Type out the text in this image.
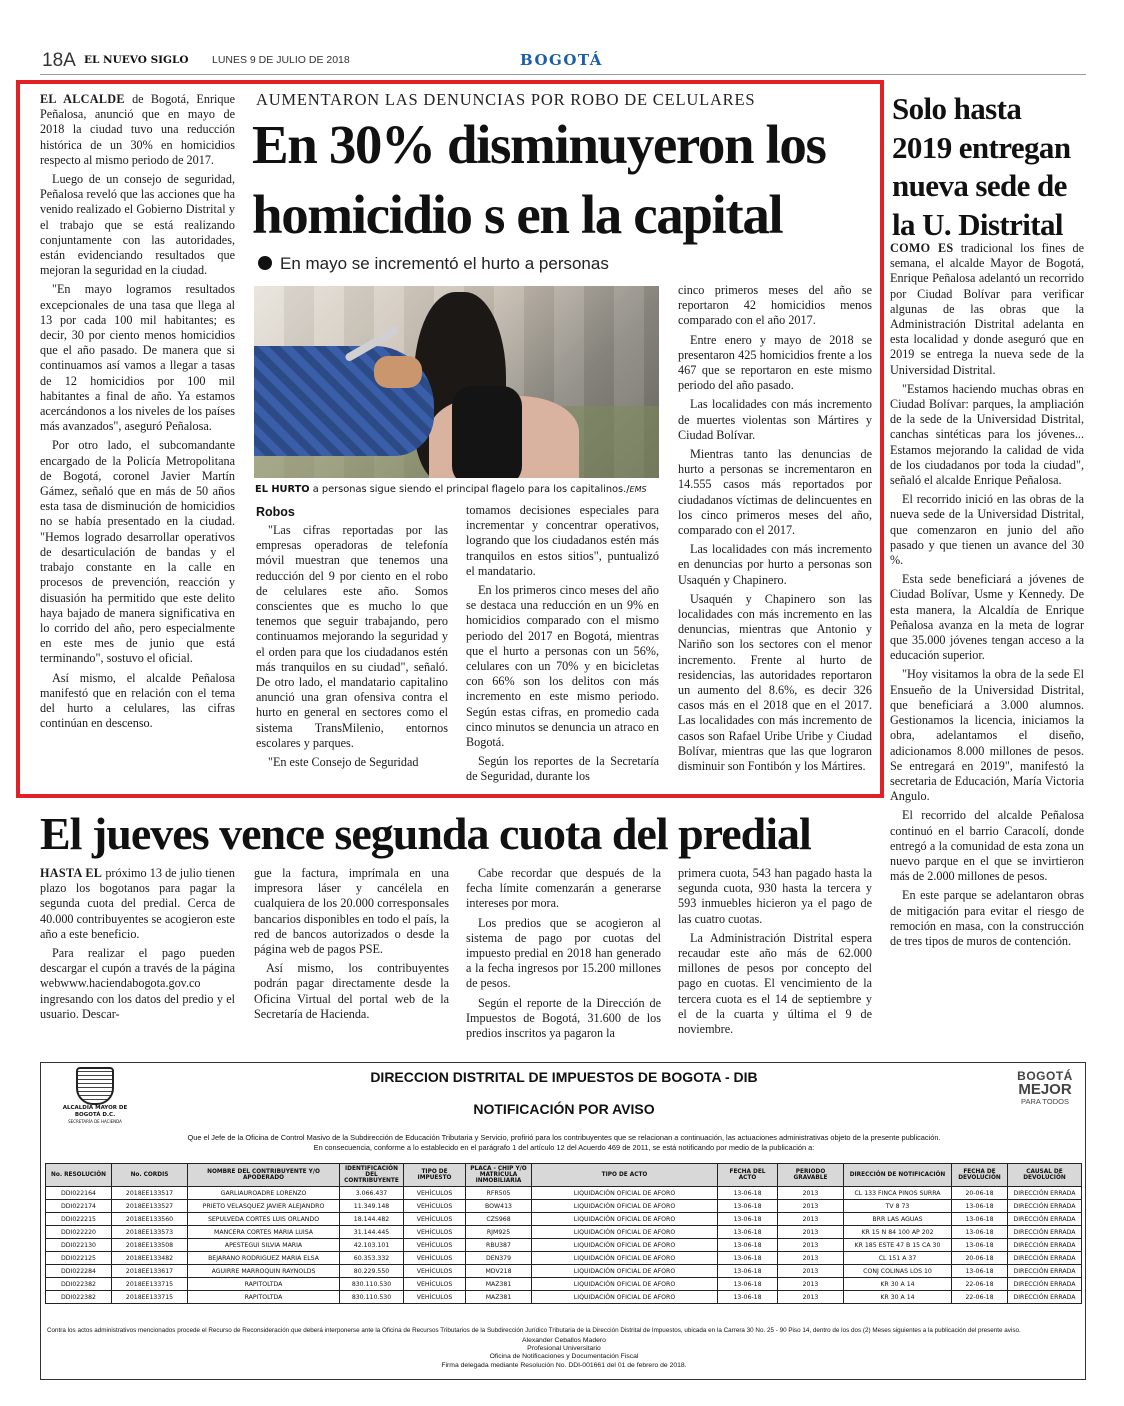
18A EL NUEVO SIGLO LUNES 9 DE JULIO DE 2018	BOGOTÁ
AUMENTARON LAS DENUNCIAS POR ROBO DE CELULARES
En 30% disminuyeron los
homicidio s en la capital
En mayo se incrementó el hurto a personas
EL HURTO a personas sigue siendo el principal flagelo para los capitalinos./EMS

EL ALCALDE de Bogotá, Enrique Peñalosa, anunció que en mayo de 2018 la ciudad tuvo una reducción histórica de un 30% en homicidios respecto al mismo periodo de 2017.

Luego de un consejo de seguridad, Peñalosa reveló que las acciones que ha venido realizado el Gobierno Distrital y el trabajo que se está realizando conjuntamente con las autoridades, están evidenciando resultados que mejoran la seguridad en la ciudad.

"En mayo logramos resultados excepcionales de una tasa que llega al 13 por cada 100 mil habitantes; es decir, 30 por ciento menos homicidios que el año pasado. De manera que si continuamos así vamos a llegar a tasas de 12 homicidios por 100 mil habitantes a final de año. Ya estamos acercándonos a los niveles de los países más avanzados", aseguró Peñalosa.

Por otro lado, el subcomandante encargado de la Policía Metropolitana de Bogotá, coronel Javier Martín Gámez, señaló que en más de 50 años esta tasa de disminución de homicidios no se había presentado en la ciudad. "Hemos logrado desarrollar operativos de desarticulación de bandas y el trabajo constante en la calle en procesos de prevención, reacción y disuasión ha permitido que este delito haya bajado de manera significativa en lo corrido del año, pero especialmente en este mes de junio que está terminando", sostuvo el oficial.

Así mismo, el alcalde Peñalosa manifestó que en relación con el tema del hurto a celulares, las cifras continúan en descenso.

Robos

"Las cifras reportadas por las empresas operadoras de telefonía móvil muestran que tenemos una reducción del 9 por ciento en el robo de celulares este año. Somos conscientes que es mucho lo que tenemos que seguir trabajando, pero continuamos mejorando la seguridad y el orden para que los ciudadanos estén más tranquilos en su ciudad", señaló. De otro lado, el mandatario capitalino anunció una gran ofensiva contra el hurto en general en sectores como el sistema TransMilenio, entornos escolares y parques.

"En este Consejo de Seguridad

tomamos decisiones especiales para incrementar y concentrar operativos, logrando que los ciudadanos estén más tranquilos en estos sitios", puntualizó el mandatario.

En los primeros cinco meses del año se destaca una reducción en un 9% en homicidios comparado con el mismo periodo del 2017 en Bogotá, mientras que el hurto a personas con un 56%, celulares con un 70% y en bicicletas con 66% son los delitos con más incremento en este mismo periodo. Según estas cifras, en promedio cada cinco minutos se denuncia un atraco en Bogotá.

Según los reportes de la Secretaría de Seguridad, durante los

cinco primeros meses del año se reportaron 42 homicidios menos comparado con el año 2017.

Entre enero y mayo de 2018 se presentaron 425 homicidios frente a los 467 que se reportaron en este mismo periodo del año pasado.

Las localidades con más incremento de muertes violentas son Mártires y Ciudad Bolívar.

Mientras tanto las denuncias de hurto a personas se incrementaron en 14.555 casos más reportados por ciudadanos víctimas de delincuentes en los cinco primeros meses del año, comparado con el 2017.

Las localidades con más incremento en denuncias por hurto a personas son Usaquén y Chapinero.

Usaquén y Chapinero son las localidades con más incremento en las denuncias, mientras que Antonio y Nariño son los sectores con el menor incremento. Frente al hurto de residencias, las autoridades reportaron un aumento del 8.6%, es decir 326 casos más en el 2018 que en el 2017. Las localidades con más incremento de casos son Rafael Uribe Uribe y Ciudad Bolívar, mientras que las que lograron disminuir son Fontibón y los Mártires.

Solo hasta
2019 entregan
nueva sede de
la U. Distrital

COMO ES tradicional los fines de semana, el alcalde Mayor de Bogotá, Enrique Peñalosa adelantó un recorrido por Ciudad Bolívar para verificar algunas de las obras que la Administración Distrital adelanta en esta localidad y donde aseguró que en 2019 se entrega la nueva sede de la Universidad Distrital.

"Estamos haciendo muchas obras en Ciudad Bolívar: parques, la ampliación de la sede de la Universidad Distrital, canchas sintéticas para los jóvenes... Estamos mejorando la calidad de vida de los ciudadanos por toda la ciudad", señaló el alcalde Enrique Peñalosa.

El recorrido inició en las obras de la nueva sede de la Universidad Distrital, que comenzaron en junio del año pasado y que tienen un avance del 30 %.

Esta sede beneficiará a jóvenes de Ciudad Bolívar, Usme y Kennedy. De esta manera, la Alcaldía de Enrique Peñalosa avanza en la meta de lograr que 35.000 jóvenes tengan acceso a la educación superior.

"Hoy visitamos la obra de la sede El Ensueño de la Universidad Distrital, que beneficiará a 3.000 alumnos. Gestionamos la licencia, iniciamos la obra, adelantamos el diseño, adicionamos 8.000 millones de pesos. Se entregará en 2019", manifestó la secretaria de Educación, María Victoria Angulo.

El recorrido del alcalde Peñalosa continuó en el barrio Caracolí, donde entregó a la comunidad de esta zona un nuevo parque en el que se invirtieron más de 2.000 millones de pesos.

En este parque se adelantaron obras de mitigación para evitar el riesgo de remoción en masa, con la construcción de tres tipos de muros de contención.

El jueves vence segunda cuota del predial

HASTA EL próximo 13 de julio tienen plazo los bogotanos para pagar la segunda cuota del predial. Cerca de 40.000 contribuyentes se acogieron este año a este beneficio.

Para realizar el pago pueden descargar el cupón a través de la página webwww.haciendabogota.gov.co ingresando con los datos del predio y el usuario. Descar-

gue la factura, imprímala en una impresora láser y cancélela en cualquiera de los 20.000 corresponsales bancarios disponibles en todo el país, la red de bancos autorizados o desde la página web de pagos PSE.

Así mismo, los contribuyentes podrán pagar directamente desde la Oficina Virtual del portal web de la Secretaría de Hacienda.

Cabe recordar que después de la fecha límite comenzarán a generarse intereses por mora.

Los predios que se acogieron al sistema de pago por cuotas del impuesto predial en 2018 han generado a la fecha ingresos por 15.200 millones de pesos.

Según el reporte de la Dirección de Impuestos de Bogotá, 31.600 de los predios inscritos ya pagaron la

primera cuota, 543 han pagado hasta la segunda cuota, 930 hasta la tercera y 593 inmuebles hicieron ya el pago de las cuatro cuotas.

La Administración Distrital espera recaudar este año más de 62.000 millones de pesos por concepto del pago en cuotas. El vencimiento de la tercera cuota es el 14 de septiembre y el de la cuarta y última el 9 de noviembre.

ALCALDÍA MAYOR DE BOGOTÁ D.C.
SECRETARÍA DE HACIENDA
DIRECCION DISTRITAL DE IMPUESTOS DE BOGOTA - DIB
NOTIFICACIÓN POR AVISO
BOGOTÁ
MEJOR
PARA TODOS
Que el Jefe de la Oficina de Control Masivo de la Subdirección de Educación Tributaria y Servicio, profirió para los contribuyentes que se relacionan a continuación, las actuaciones administrativas objeto de la presente publicación.
En consecuencia, conforme a lo establecido en el parágrafo 1 del artículo 12 del Acuerdo 469 de 2011, se está notificando por medio de la publicación a:
No. RESOLUCIÓN	No. CORDIS	NOMBRE DEL CONTRIBUYENTE Y/O APODERADO	IDENTIFICACIÓN DEL CONTRIBUYENTE	TIPO DE IMPUESTO	PLACA - CHIP Y/O MATRÍCULA INMOBILIARIA	TIPO DE ACTO	FECHA DEL ACTO	PERIODO GRAVABLE	DIRECCIÓN DE NOTIFICACIÓN	FECHA DE DEVOLUCIÓN	CAUSAL DE DEVOLUCIÓN
DDI022164	2018EE133517	GARLIAUROADRE LORENZO	3.066.437	VEHÍCULOS	RFR505	LIQUIDACIÓN OFICIAL DE AFORO	13-06-18	2013	CL 133 FINCA PINOS SURRA	20-06-18	DIRECCIÓN ERRADA
DDI022174	2018EE133527	PRIETO VELASQUEZ JAVIER ALEJANDRO	11.349.148	VEHÍCULOS	BOW413	LIQUIDACIÓN OFICIAL DE AFORO	13-06-18	2013	TV 8 73	13-06-18	DIRECCIÓN ERRADA
DDI022215	2018EE133560	SEPULVEDA CORTES LUIS ORLANDO	18.144.482	VEHÍCULOS	CZS968	LIQUIDACIÓN OFICIAL DE AFORO	13-06-18	2013	BRR LAS AGUAS	13-06-18	DIRECCIÓN ERRADA
DDI022220	2018EE133573	MANCERA CORTES MARIA LUISA	31.144.445	VEHÍCULOS	RJM925	LIQUIDACIÓN OFICIAL DE AFORO	13-06-18	2013	KR 15 N 84 100 AP 202	13-06-18	DIRECCIÓN ERRADA
DDI022130	2018EE133508	APESTEGUI SILVIA MARIA	42.103.101	VEHÍCULOS	RBU387	LIQUIDACIÓN OFICIAL DE AFORO	13-06-18	2013	KR 185 ESTE 47 B 15 CA 30	13-06-18	DIRECCIÓN ERRADA
DDI022125	2018EE133482	BEJARANO RODRIGUEZ MARIA ELSA	60.353.332	VEHÍCULOS	DEN379	LIQUIDACIÓN OFICIAL DE AFORO	13-06-18	2013	CL 151 A 37	20-06-18	DIRECCIÓN ERRADA
DDI022284	2018EE133617	AGUIRRE MARROQUIN RAYNOLDS	80.229.550	VEHÍCULOS	MDV218	LIQUIDACIÓN OFICIAL DE AFORO	13-06-18	2013	CONJ COLINAS LOS 10	13-06-18	DIRECCIÓN ERRADA
DDI022382	2018EE133715	RAPITOLTDA	830.110.530	VEHÍCULOS	MAZ381	LIQUIDACIÓN OFICIAL DE AFORO	13-06-18	2013	KR 30 A 14	22-06-18	DIRECCIÓN ERRADA
DDI022382	2018EE133715	RAPITOLTDA	830.110.530	VEHÍCULOS	MAZ381	LIQUIDACIÓN OFICIAL DE AFORO	13-06-18	2013	KR 30 A 14	22-06-18	DIRECCIÓN ERRADA
Contra los actos administrativos mencionados procede el Recurso de Reconsideración que deberá interponerse ante la Oficina de Recursos Tributarios de la Subdirección Jurídico Tributaria de la Dirección Distrital de Impuestos, ubicada en la Carrera 30 No. 25 - 90 Piso 14, dentro de los dos (2) Meses siguientes a la publicación del presente aviso.
Alexander Ceballos Madero
Profesional Universitario
Oficina de Notificaciones y Documentación Fiscal
Firma delegada mediante Resolución No. DDI-001661 del 01 de febrero de 2018.
